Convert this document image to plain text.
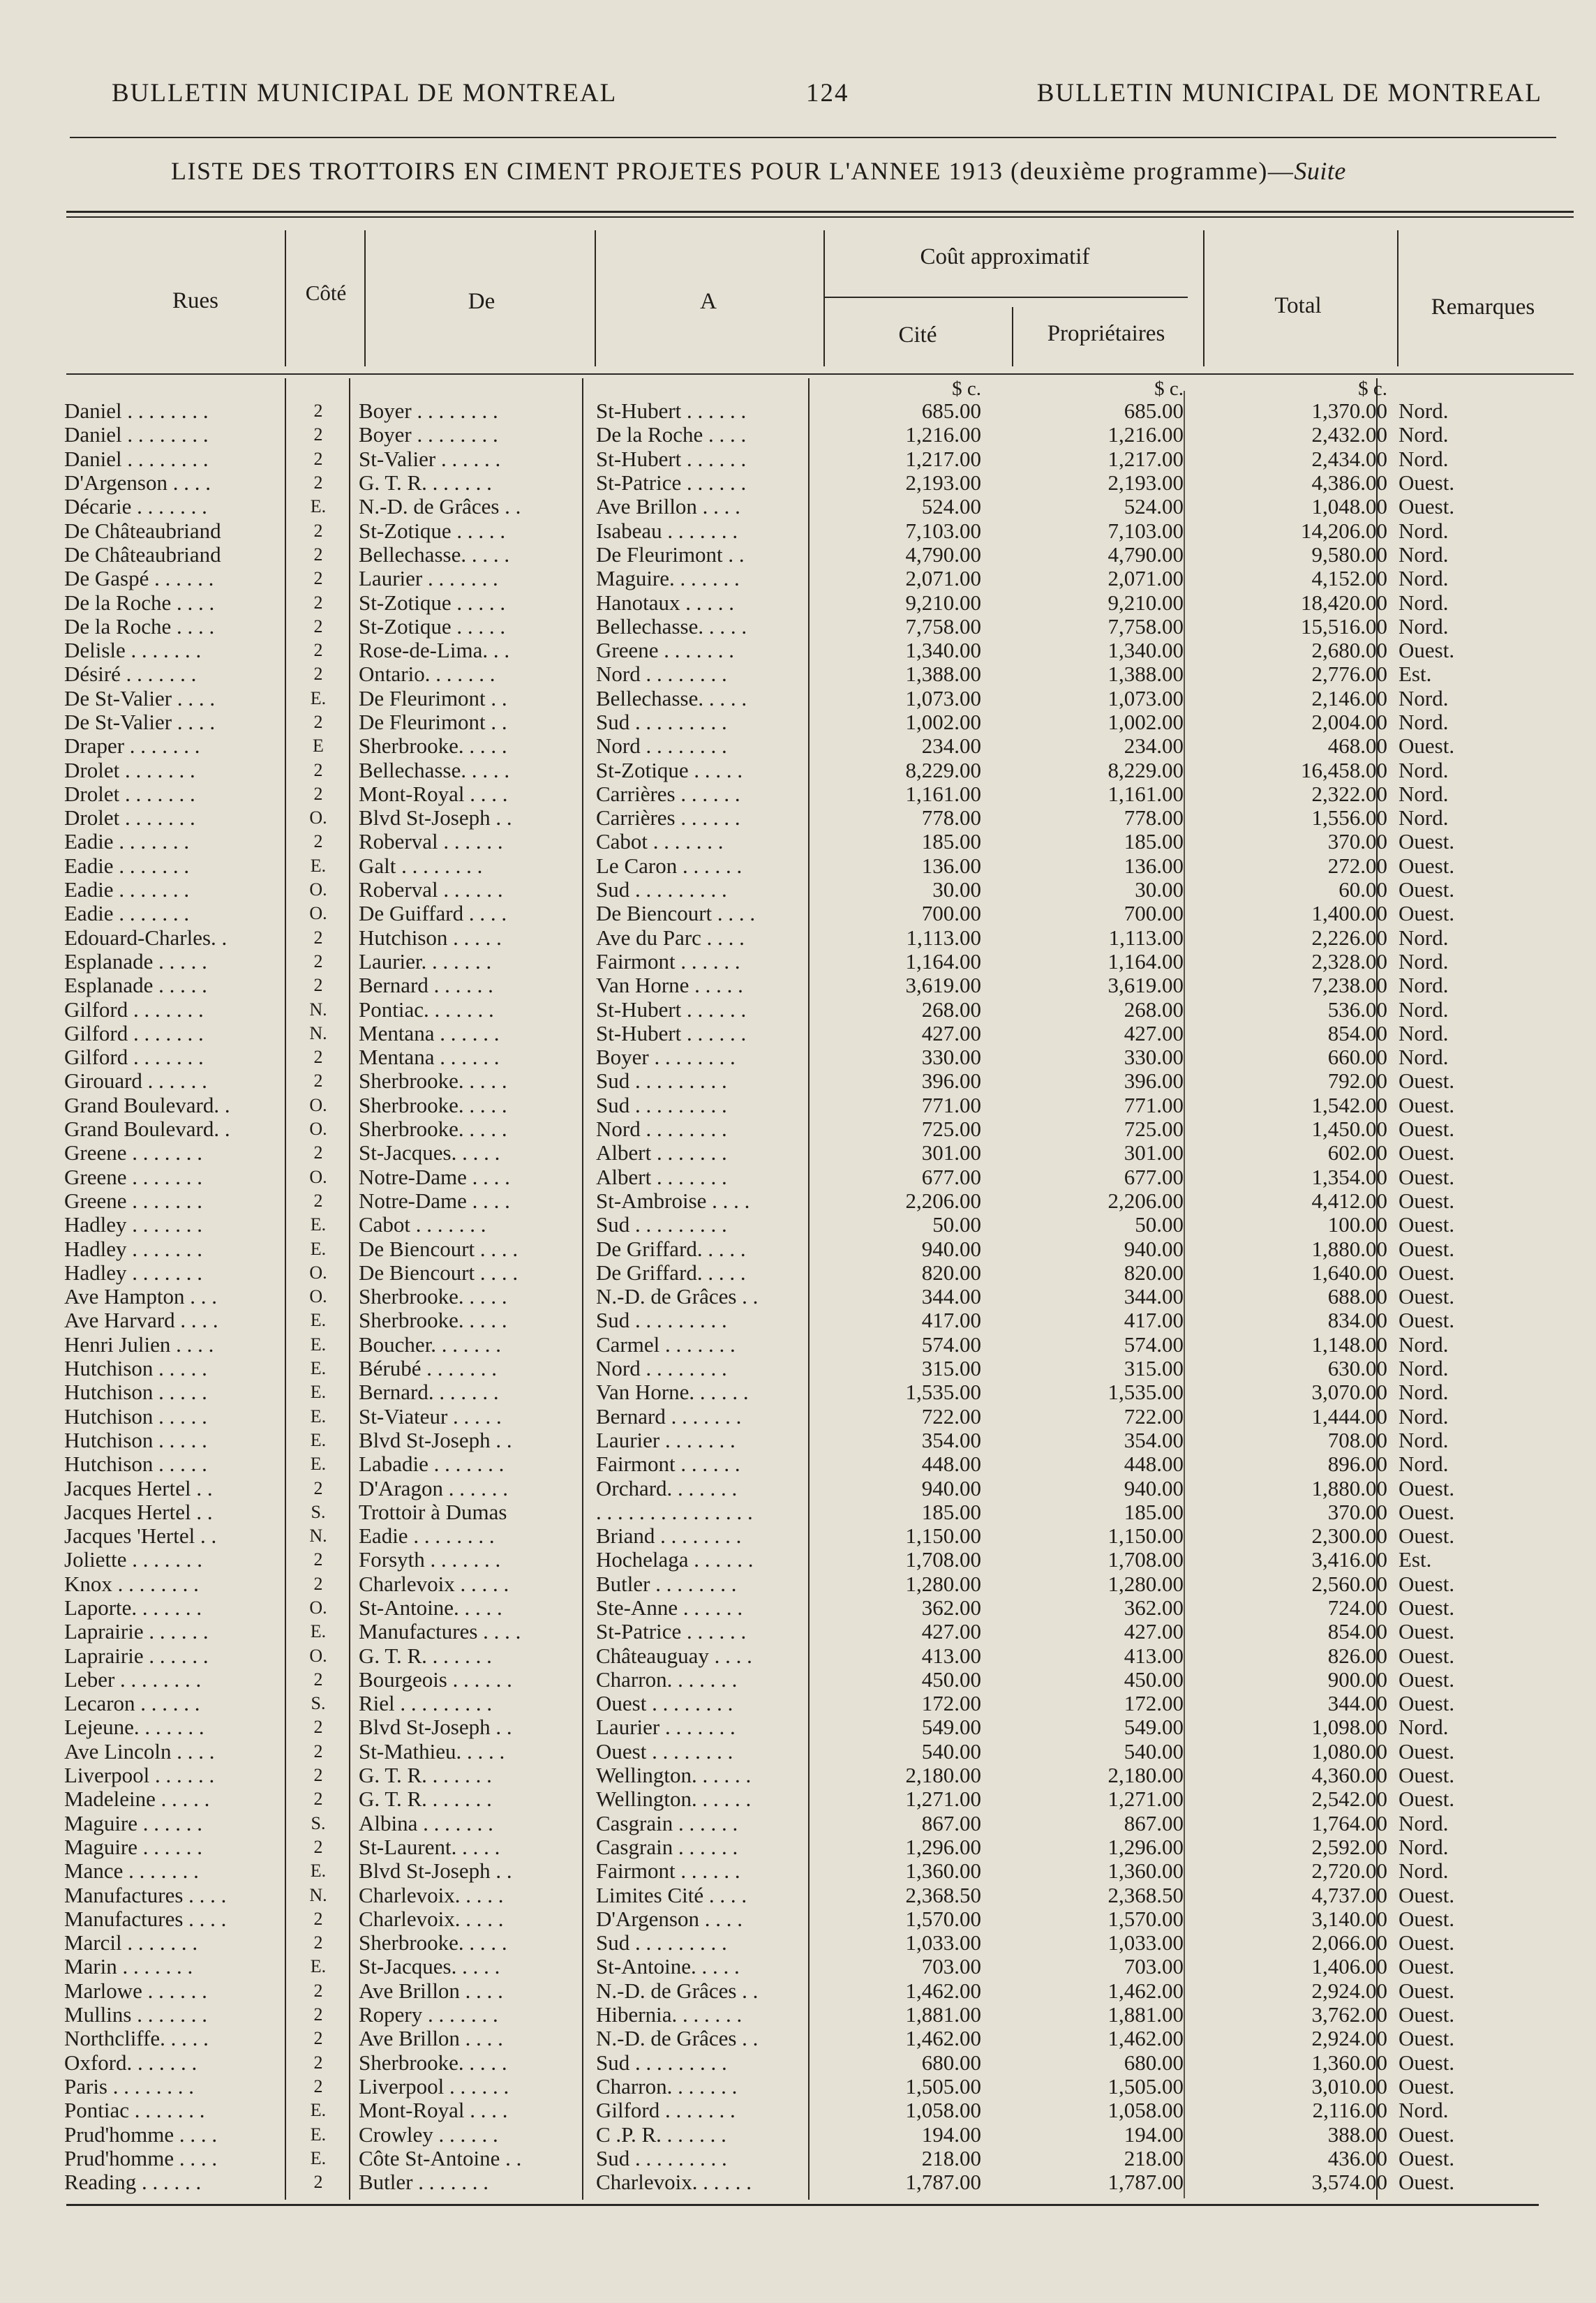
BULLETIN MUNICIPAL DE MONTREAL	124	BULLETIN MUNICIPAL DE MONTREAL
LISTE DES TROTTOIRS EN CIMENT PROJETES POUR L'ANNEE 1913 (deuxième programme)—Suite
Rues	Côté	De	A
Coût approximatif
Cité	Propriétaires
Total	Remarques
				$ c.	$ c.	$ c.	
Daniel . . . . . . . .	2	Boyer . . . . . . . .	St-Hubert . . . . . .	685.00	685.00	1,370.00	Nord.
Daniel . . . . . . . .	2	Boyer . . . . . . . .	De la Roche . . . .	1,216.00	1,216.00	2,432.00	Nord.
Daniel . . . . . . . .	2	St-Valier . . . . . .	St-Hubert . . . . . .	1,217.00	1,217.00	2,434.00	Nord.
D'Argenson . . . .	2	G. T. R. . . . . . .	St-Patrice . . . . . .	2,193.00	2,193.00	4,386.00	Ouest.
Décarie . . . . . . .	E.	N.-D. de Grâces . .	Ave Brillon . . . .	524.00	524.00	1,048.00	Ouest.
De Châteaubriand	2	St-Zotique . . . . .	Isabeau . . . . . . .	7,103.00	7,103.00	14,206.00	Nord.
De Châteaubriand	2	Bellechasse. . . . .	De Fleurimont . .	4,790.00	4,790.00	9,580.00	Nord.
De Gaspé . . . . . .	2	Laurier . . . . . . .	Maguire. . . . . . .	2,071.00	2,071.00	4,152.00	Nord.
De la Roche . . . .	2	St-Zotique . . . . .	Hanotaux . . . . .	9,210.00	9,210.00	18,420.00	Nord.
De la Roche . . . .	2	St-Zotique . . . . .	Bellechasse. . . . .	7,758.00	7,758.00	15,516.00	Nord.
Delisle . . . . . . .	2	Rose-de-Lima. . .	Greene . . . . . . .	1,340.00	1,340.00	2,680.00	Ouest.
Désiré . . . . . . .	2	Ontario. . . . . . .	Nord . . . . . . . .	1,388.00	1,388.00	2,776.00	Est.
De St-Valier . . . .	E.	De Fleurimont . .	Bellechasse. . . . .	1,073.00	1,073.00	2,146.00	Nord.
De St-Valier . . . .	2	De Fleurimont . .	Sud . . . . . . . . .	1,002.00	1,002.00	2,004.00	Nord.
Draper . . . . . . .	E	Sherbrooke. . . . .	Nord . . . . . . . .	234.00	234.00	468.00	Ouest.
Drolet . . . . . . .	2	Bellechasse. . . . .	St-Zotique . . . . .	8,229.00	8,229.00	16,458.00	Nord.
Drolet . . . . . . .	2	Mont-Royal . . . .	Carrières . . . . . .	1,161.00	1,161.00	2,322.00	Nord.
Drolet . . . . . . .	O.	Blvd St-Joseph . .	Carrières . . . . . .	778.00	778.00	1,556.00	Nord.
Eadie . . . . . . .	2	Roberval . . . . . .	Cabot . . . . . . .	185.00	185.00	370.00	Ouest.
Eadie . . . . . . .	E.	Galt . . . . . . . .	Le Caron . . . . . .	136.00	136.00	272.00	Ouest.
Eadie . . . . . . .	O.	Roberval . . . . . .	Sud . . . . . . . . .	30.00	30.00	60.00	Ouest.
Eadie . . . . . . .	O.	De Guiffard . . . .	De Biencourt . . . .	700.00	700.00	1,400.00	Ouest.
Edouard-Charles. .	2	Hutchison . . . . .	Ave du Parc . . . .	1,113.00	1,113.00	2,226.00	Nord.
Esplanade . . . . .	2	Laurier. . . . . . .	Fairmont . . . . . .	1,164.00	1,164.00	2,328.00	Nord.
Esplanade . . . . .	2	Bernard . . . . . .	Van Horne . . . . .	3,619.00	3,619.00	7,238.00	Nord.
Gilford . . . . . . .	N.	Pontiac. . . . . . .	St-Hubert . . . . . .	268.00	268.00	536.00	Nord.
Gilford . . . . . . .	N.	Mentana . . . . . .	St-Hubert . . . . . .	427.00	427.00	854.00	Nord.
Gilford . . . . . . .	2	Mentana . . . . . .	Boyer . . . . . . . .	330.00	330.00	660.00	Nord.
Girouard . . . . . .	2	Sherbrooke. . . . .	Sud . . . . . . . . .	396.00	396.00	792.00	Ouest.
Grand Boulevard. .	O.	Sherbrooke. . . . .	Sud . . . . . . . . .	771.00	771.00	1,542.00	Ouest.
Grand Boulevard. .	O.	Sherbrooke. . . . .	Nord . . . . . . . .	725.00	725.00	1,450.00	Ouest.
Greene . . . . . . .	2	St-Jacques. . . . .	Albert . . . . . . .	301.00	301.00	602.00	Ouest.
Greene . . . . . . .	O.	Notre-Dame . . . .	Albert . . . . . . .	677.00	677.00	1,354.00	Ouest.
Greene . . . . . . .	2	Notre-Dame . . . .	St-Ambroise . . . .	2,206.00	2,206.00	4,412.00	Ouest.
Hadley . . . . . . .	E.	Cabot . . . . . . .	Sud . . . . . . . . .	50.00	50.00	100.00	Ouest.
Hadley . . . . . . .	E.	De Biencourt . . . .	De Griffard. . . . .	940.00	940.00	1,880.00	Ouest.
Hadley . . . . . . .	O.	De Biencourt . . . .	De Griffard. . . . .	820.00	820.00	1,640.00	Ouest.
Ave Hampton . . .	O.	Sherbrooke. . . . .	N.-D. de Grâces . .	344.00	344.00	688.00	Ouest.
Ave Harvard . . . .	E.	Sherbrooke. . . . .	Sud . . . . . . . . .	417.00	417.00	834.00	Ouest.
Henri Julien . . . .	E.	Boucher. . . . . . .	Carmel . . . . . . .	574.00	574.00	1,148.00	Nord.
Hutchison . . . . .	E.	Bérubé . . . . . . .	Nord . . . . . . . .	315.00	315.00	630.00	Nord.
Hutchison . . . . .	E.	Bernard. . . . . . .	Van Horne. . . . . .	1,535.00	1,535.00	3,070.00	Nord.
Hutchison . . . . .	E.	St-Viateur . . . . .	Bernard . . . . . . .	722.00	722.00	1,444.00	Nord.
Hutchison . . . . .	E.	Blvd St-Joseph . .	Laurier . . . . . . .	354.00	354.00	708.00	Nord.
Hutchison . . . . .	E.	Labadie . . . . . . .	Fairmont . . . . . .	448.00	448.00	896.00	Nord.
Jacques Hertel . .	2	D'Aragon . . . . . .	Orchard. . . . . . .	940.00	940.00	1,880.00	Ouest.
Jacques Hertel . .	S.	Trottoir à Dumas	. . . . . . . . . . . . . . .	185.00	185.00	370.00	Ouest.
Jacques 'Hertel . .	N.	Eadie . . . . . . . .	Briand . . . . . . . .	1,150.00	1,150.00	2,300.00	Ouest.
Joliette . . . . . . .	2	Forsyth . . . . . . .	Hochelaga . . . . . .	1,708.00	1,708.00	3,416.00	Est.
Knox . . . . . . . .	2	Charlevoix . . . . .	Butler . . . . . . . .	1,280.00	1,280.00	2,560.00	Ouest.
Laporte. . . . . . .	O.	St-Antoine. . . . .	Ste-Anne . . . . . .	362.00	362.00	724.00	Ouest.
Laprairie . . . . . .	E.	Manufactures . . . .	St-Patrice . . . . . .	427.00	427.00	854.00	Ouest.
Laprairie . . . . . .	O.	G. T. R. . . . . . .	Châteauguay . . . .	413.00	413.00	826.00	Ouest.
Leber . . . . . . . .	2	Bourgeois . . . . . .	Charron. . . . . . .	450.00	450.00	900.00	Ouest.
Lecaron . . . . . .	S.	Riel . . . . . . . . .	Ouest . . . . . . . .	172.00	172.00	344.00	Ouest.
Lejeune. . . . . . .	2	Blvd St-Joseph . .	Laurier . . . . . . .	549.00	549.00	1,098.00	Nord.
Ave Lincoln . . . .	2	St-Mathieu. . . . .	Ouest . . . . . . . .	540.00	540.00	1,080.00	Ouest.
Liverpool . . . . . .	2	G. T. R. . . . . . .	Wellington. . . . . .	2,180.00	2,180.00	4,360.00	Ouest.
Madeleine . . . . .	2	G. T. R. . . . . . .	Wellington. . . . . .	1,271.00	1,271.00	2,542.00	Ouest.
Maguire . . . . . .	S.	Albina . . . . . . .	Casgrain . . . . . .	867.00	867.00	1,764.00	Nord.
Maguire . . . . . .	2	St-Laurent. . . . .	Casgrain . . . . . .	1,296.00	1,296.00	2,592.00	Nord.
Mance . . . . . . .	E.	Blvd St-Joseph . .	Fairmont . . . . . .	1,360.00	1,360.00	2,720.00	Nord.
Manufactures . . . .	N.	Charlevoix. . . . .	Limites Cité . . . .	2,368.50	2,368.50	4,737.00	Ouest.
Manufactures . . . .	2	Charlevoix. . . . .	D'Argenson . . . .	1,570.00	1,570.00	3,140.00	Ouest.
Marcil . . . . . . .	2	Sherbrooke. . . . .	Sud . . . . . . . . .	1,033.00	1,033.00	2,066.00	Ouest.
Marin . . . . . . .	E.	St-Jacques. . . . .	St-Antoine. . . . .	703.00	703.00	1,406.00	Ouest.
Marlowe . . . . . .	2	Ave Brillon . . . .	N.-D. de Grâces . .	1,462.00	1,462.00	2,924.00	Ouest.
Mullins . . . . . . .	2	Ropery . . . . . . .	Hibernia. . . . . . .	1,881.00	1,881.00	3,762.00	Ouest.
Northcliffe. . . . .	2	Ave Brillon . . . .	N.-D. de Grâces . .	1,462.00	1,462.00	2,924.00	Ouest.
Oxford. . . . . . .	2	Sherbrooke. . . . .	Sud . . . . . . . . .	680.00	680.00	1,360.00	Ouest.
Paris . . . . . . . .	2	Liverpool . . . . . .	Charron. . . . . . .	1,505.00	1,505.00	3,010.00	Ouest.
Pontiac . . . . . . .	E.	Mont-Royal . . . .	Gilford . . . . . . .	1,058.00	1,058.00	2,116.00	Nord.
Prud'homme . . . .	E.	Crowley . . . . . .	C .P. R. . . . . . .	194.00	194.00	388.00	Ouest.
Prud'homme . . . .	E.	Côte St-Antoine . .	Sud . . . . . . . . .	218.00	218.00	436.00	Ouest.
Reading . . . . . .	2	Butler . . . . . . .	Charlevoix. . . . . .	1,787.00	1,787.00	3,574.00	Ouest.
